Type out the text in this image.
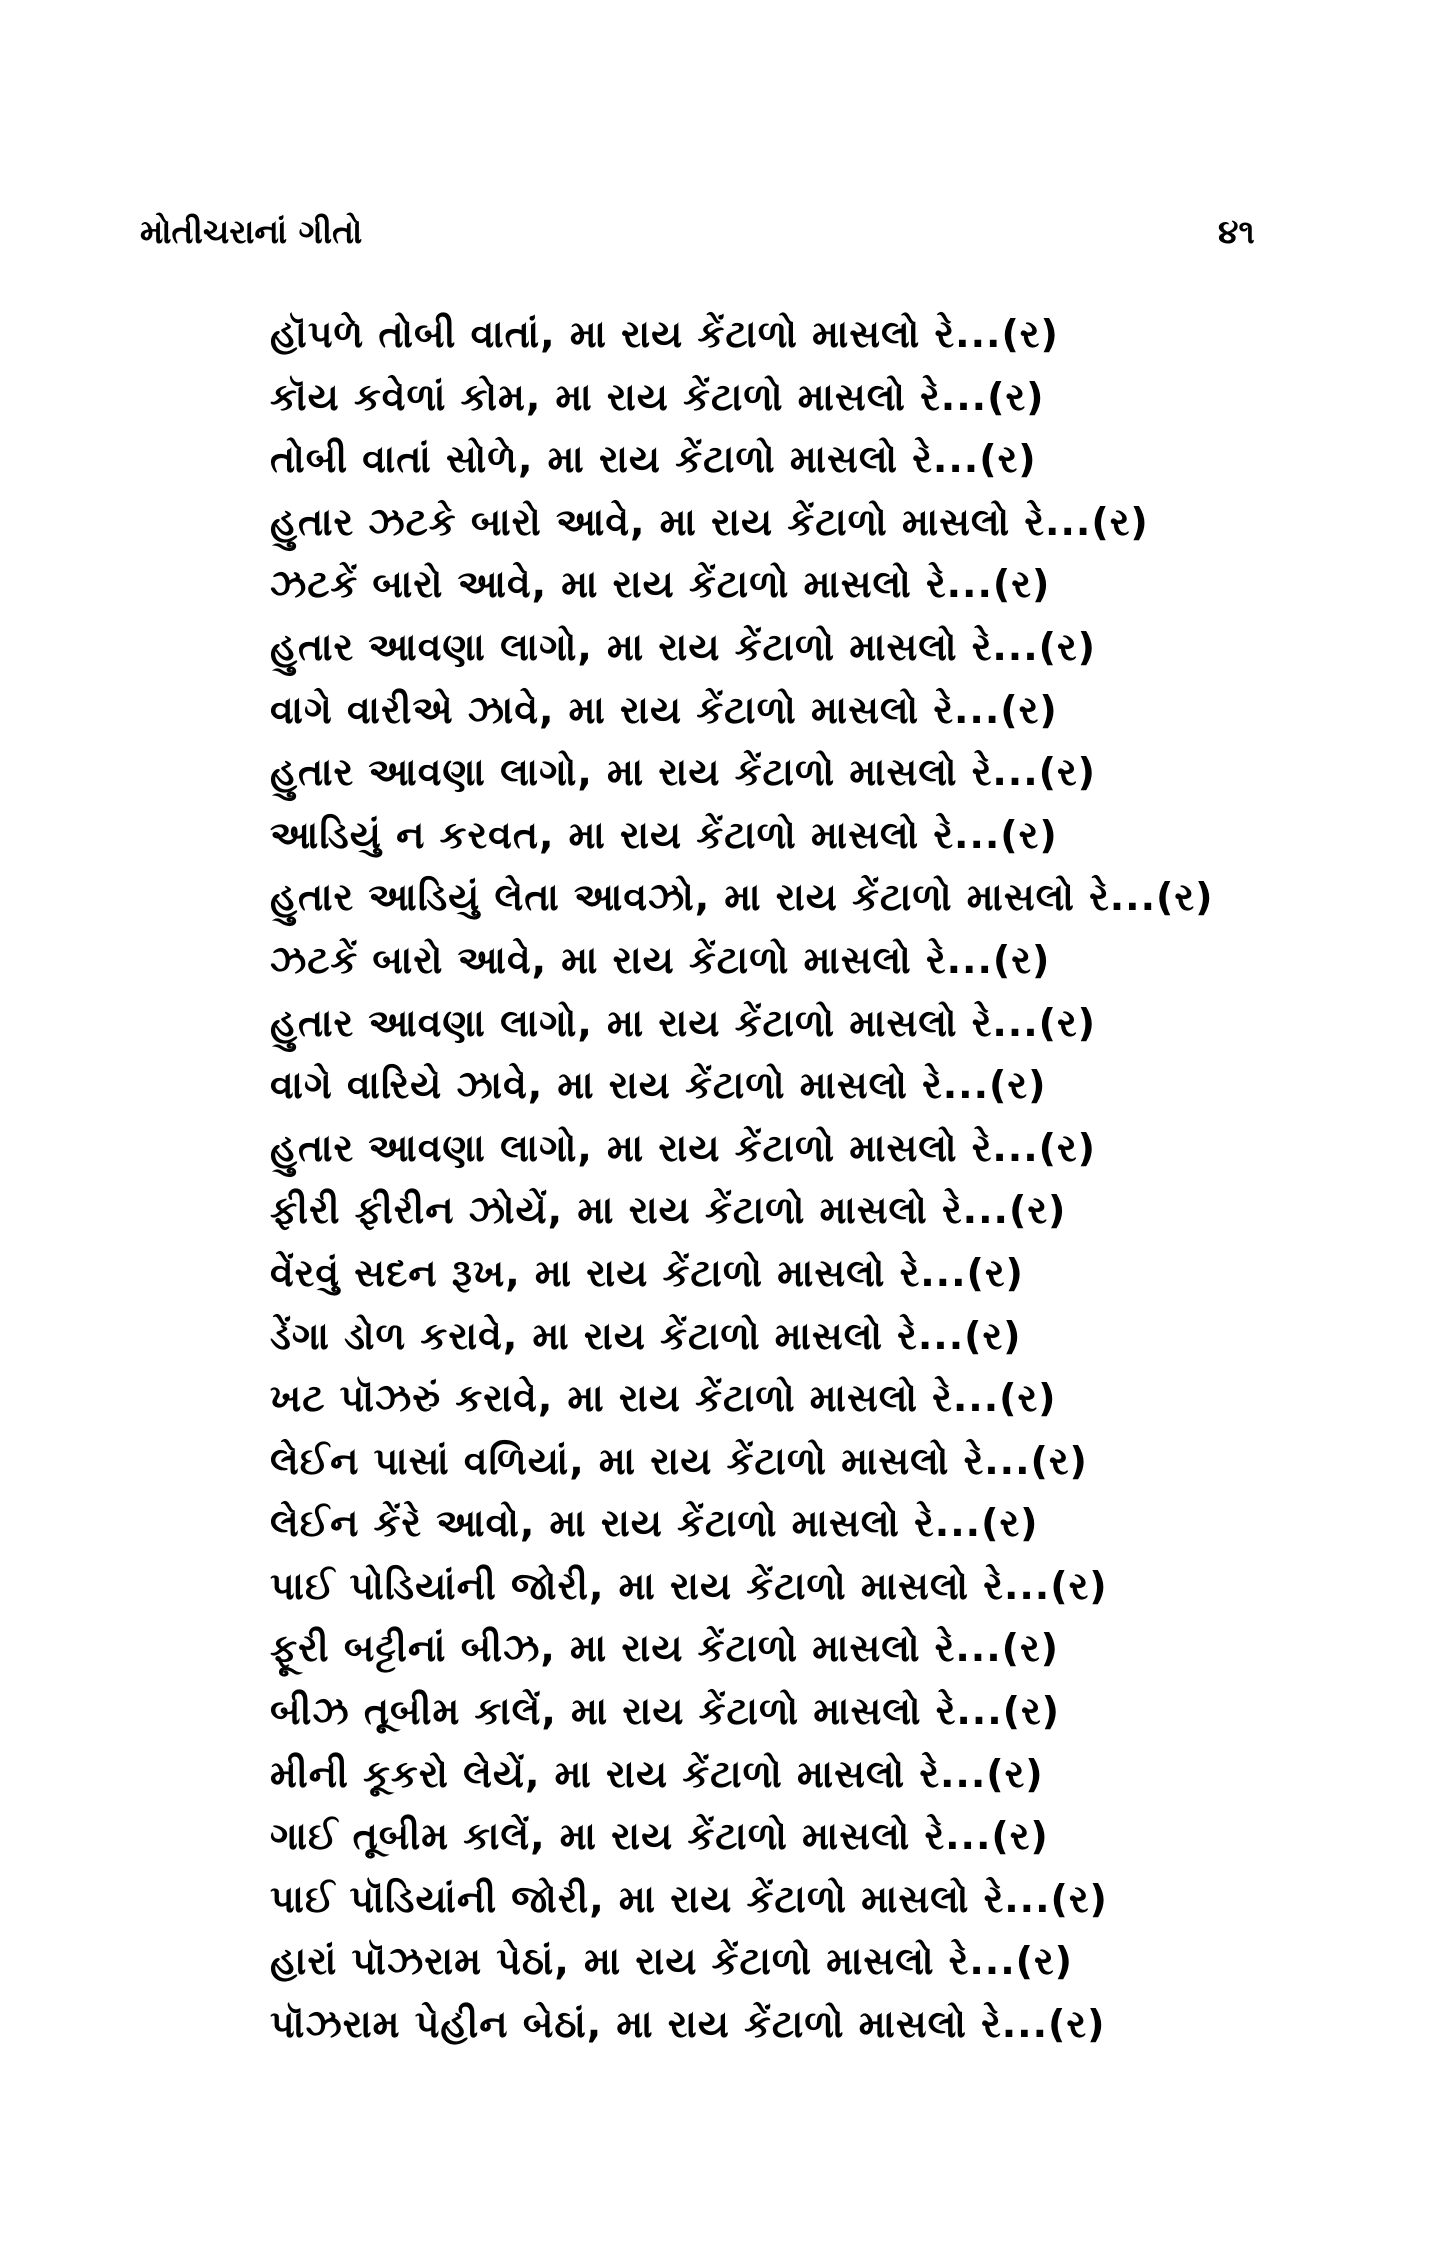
મોતીચરાનાં ગીતો	૪૧
હૉપળે તોબી વાતાં, મા રાય કેંટાળો માસલો રે...(ર)
કૉય કવેળાં કોમ, મા રાય કેંટાળો માસલો રે...(ર)
તોબી વાતાં સોળે, મા રાય કેંટાળો માસલો રે...(ર)
હુતાર ઝટકે બારો આવે, મા રાય કેંટાળો માસલો રે...(ર)
ઝટકેં બારો આવે, મા રાય કેંટાળો માસલો રે...(ર)
હુતાર આવણા લાગો, મા રાય કેંટાળો માસલો રે...(ર)
વાગે વારીએ ઝાવે, મા રાય કેંટાળો માસલો રે...(ર)
હુતાર આવણા લાગો, મા રાય કેંટાળો માસલો રે...(ર)
આડિયું ન કરવત, મા રાય કેંટાળો માસલો રે...(ર)
હુતાર આડિયું લેતા આવઝો, મા રાય કેંટાળો માસલો રે...(ર)
ઝટકેં બારો આવે, મા રાય કેંટાળો માસલો રે...(ર)
હુતાર આવણા લાગો, મા રાય કેંટાળો માસલો રે...(ર)
વાગે વારિયે ઝાવે, મા રાય કેંટાળો માસલો રે...(ર)
હુતાર આવણા લાગો, મા રાય કેંટાળો માસલો રે...(ર)
ફીરી ફીરીન ઝોયેં, મા રાય કેંટાળો માસલો રે...(ર)
વેંરવું સદન રૂખ, મા રાય કેંટાળો માસલો રે...(ર)
ડેંગા ડોળ કરાવે, મા રાય કેંટાળો માસલો રે...(ર)
ખટ પૉઝરું કરાવે, મા રાય કેંટાળો માસલો રે...(ર)
લેઈન પાસાં વળિયાં, મા રાય કેંટાળો માસલો રે...(ર)
લેઈન કેંરે આવો, મા રાય કેંટાળો માસલો રે...(ર)
પાઈ પોડિયાંની જોરી, મા રાય કેંટાળો માસલો રે...(ર)
ફૂરી બટ્ટીનાં બીઝ, મા રાય કેંટાળો માસલો રે...(ર)
બીઝ તૂબીમ કાલેં, મા રાય કેંટાળો માસલો રે...(ર)
મીની કૂકરો લેયેં, મા રાય કેંટાળો માસલો રે...(ર)
ગાઈ તૂબીમ કાલેં, મા રાય કેંટાળો માસલો રે...(ર)
પાઈ પૉડિયાંની જોરી, મા રાય કેંટાળો માસલો રે...(ર)
હારાં પૉઝરામ પેઠાં, મા રાય કેંટાળો માસલો રે...(ર)
પૉઝરામ પેહીન બેઠાં, મા રાય કેંટાળો માસલો રે...(ર)
